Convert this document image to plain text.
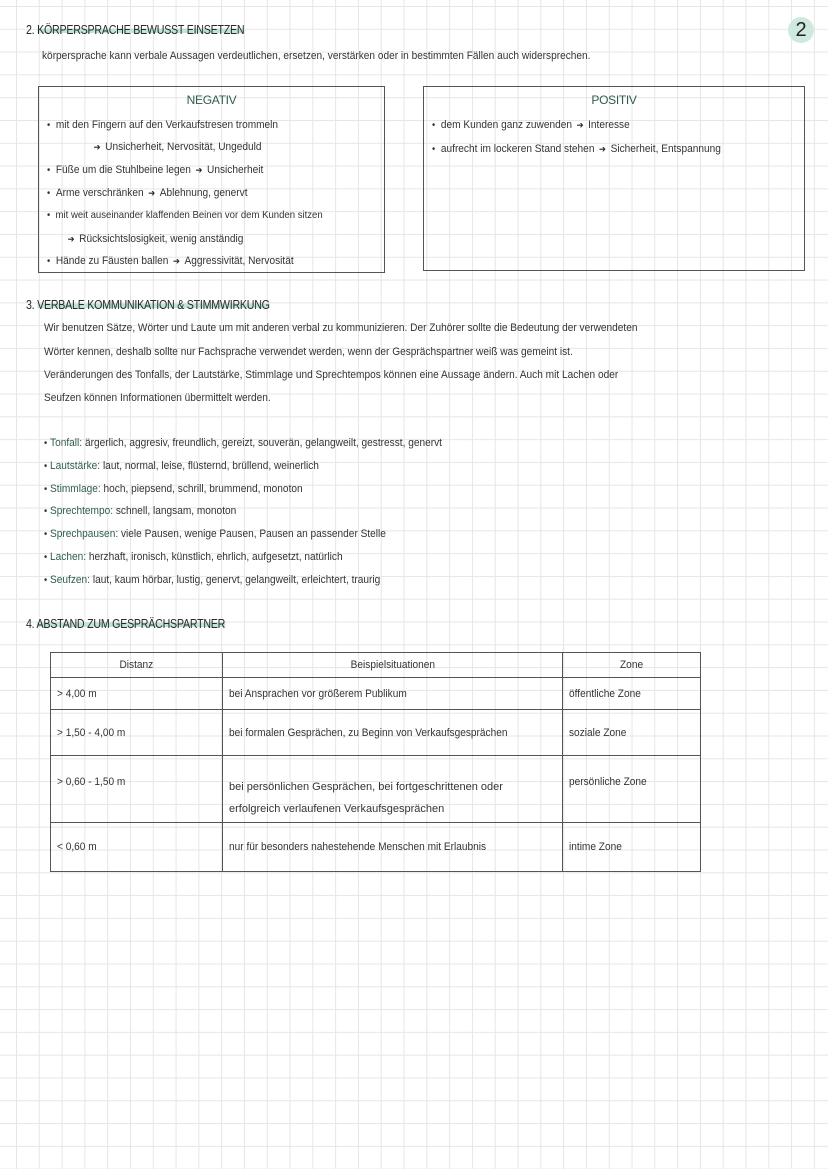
2
2. KÖRPERSPRACHE BEWUSST EINSETZEN
körpersprache kann verbale Aussagen verdeutlichen, ersetzen, verstärken oder in bestimmten Fällen auch widersprechen.
NEGATIV
• mit den Fingern auf den Verkaufstresen trommeln
➔ Unsicherheit, Nervosität, Ungeduld
• Füße um die Stuhlbeine legen ➔ Unsicherheit
• Arme verschränken ➔ Ablehnung, genervt
• mit weit auseinander klaffenden Beinen vor dem Kunden sitzen
➔ Rücksichtslosigkeit, wenig anständig
• Hände zu Fäusten ballen ➔ Aggressivität, Nervosität
POSITIV
• dem Kunden ganz zuwenden ➔ Interesse
• aufrecht im lockeren Stand stehen ➔ Sicherheit, Entspannung
3. VERBALE KOMMUNIKATION & STIMMWIRKUNG
Wir benutzen Sätze, Wörter und Laute um mit anderen verbal zu kommunizieren. Der Zuhörer sollte die Bedeutung der verwendeten
Wörter kennen, deshalb sollte nur Fachsprache verwendet werden, wenn der Gesprächspartner weiß was gemeint ist.
Veränderungen des Tonfalls, der Lautstärke, Stimmlage und Sprechtempos können eine Aussage ändern. Auch mit Lachen oder
Seufzen können Informationen übermittelt werden.
• Tonfall: ärgerlich, aggresiv, freundlich, gereizt, souverän, gelangweilt, gestresst, genervt
• Lautstärke: laut, normal, leise, flüsternd, brüllend, weinerlich
• Stimmlage: hoch, piepsend, schrill, brummend, monoton
• Sprechtempo: schnell, langsam, monoton
• Sprechpausen: viele Pausen, wenige Pausen, Pausen an passender Stelle
• Lachen: herzhaft, ironisch, künstlich, ehrlich, aufgesetzt, natürlich
• Seufzen: laut, kaum hörbar, lustig, genervt, gelangweilt, erleichtert, traurig
4. ABSTAND ZUM GESPRÄCHSPARTNER
Distanz	Beispielsituationen	Zone
> 4,00 m	bei Ansprachen vor größerem Publikum	öffentliche Zone
> 1,50 - 4,00 m	bei formalen Gesprächen, zu Beginn von Verkaufsgesprächen	soziale Zone
> 0,60 - 1,50 m	bei persönlichen Gesprächen, bei fortgeschrittenen oder erfolgreich verlaufenen Verkaufsgesprächen	persönliche Zone
< 0,60 m	nur für besonders nahestehende Menschen mit Erlaubnis	intime Zone
